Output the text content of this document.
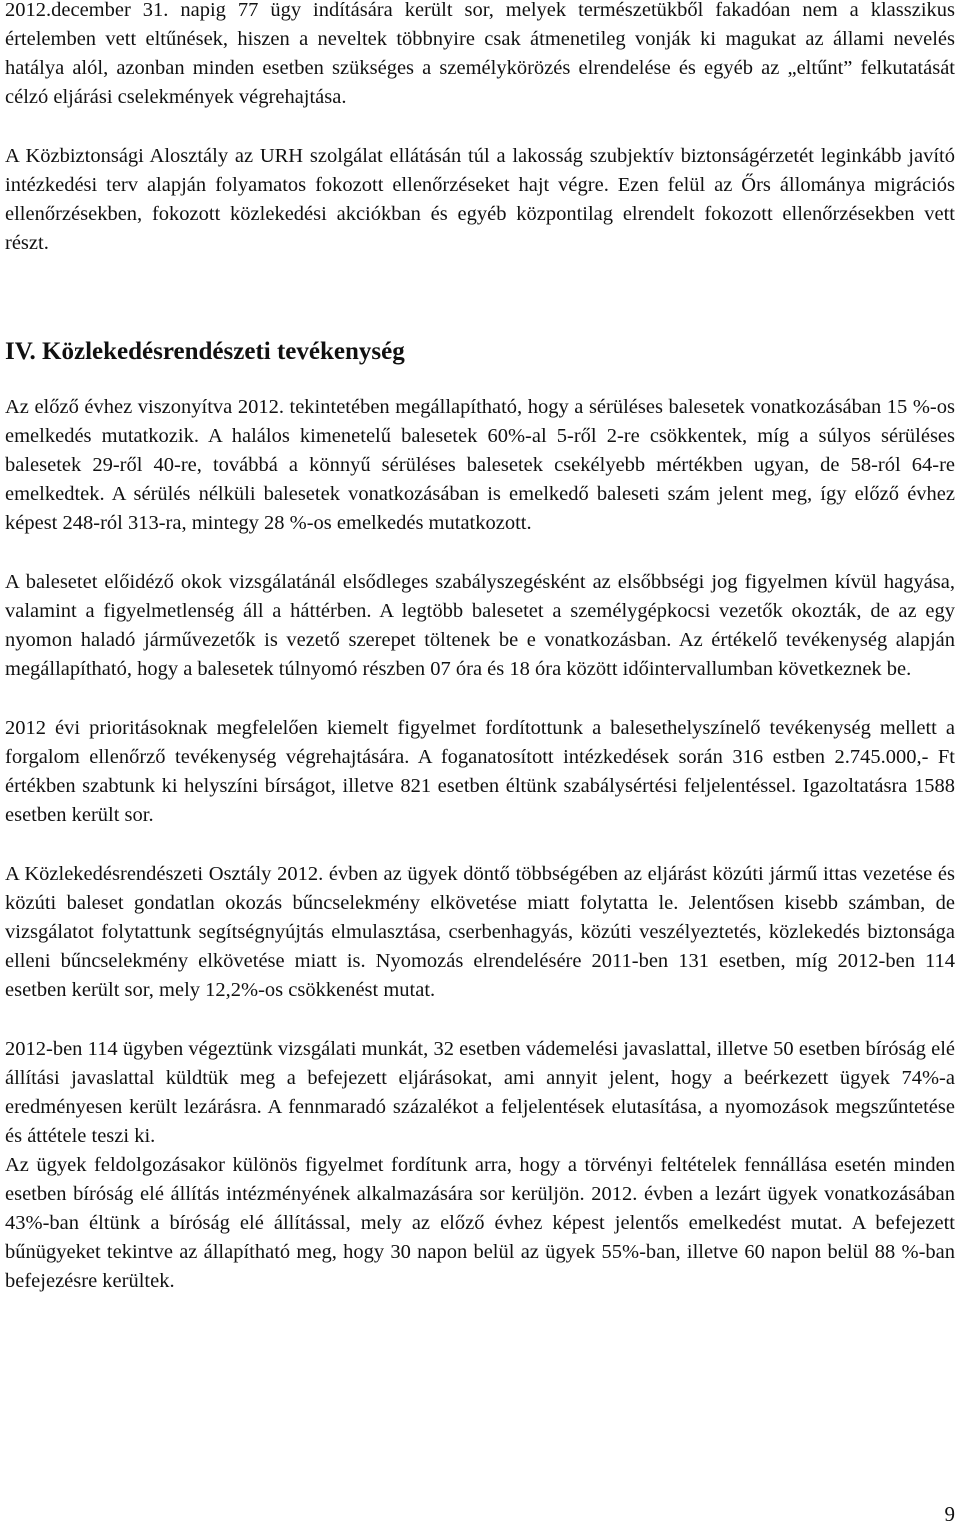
2012.december 31. napig 77 ügy indítására került sor, melyek természetükből fakadóan nem a klasszikus értelemben vett eltűnések, hiszen a neveltek többnyire csak átmenetileg vonják ki magukat az állami nevelés hatálya alól, azonban minden esetben szükséges a személykörözés elrendelése és egyéb az „eltűnt” felkutatását célzó eljárási cselekmények végrehajtása.

A Közbiztonsági Alosztály az URH szolgálat ellátásán túl a lakosság szubjektív biztonságérzetét leginkább javító intézkedési terv alapján folyamatos fokozott ellenőrzéseket hajt végre. Ezen felül az Őrs állománya migrációs ellenőrzésekben, fokozott közlekedési akciókban és egyéb központilag elrendelt fokozott ellenőrzésekben vett részt.

IV. Közlekedésrendészeti tevékenység

Az előző évhez viszonyítva 2012. tekintetében megállapítható, hogy a sérüléses balesetek vonatkozásában 15 %-os emelkedés mutatkozik. A halálos kimenetelű balesetek 60%-al 5-ről 2-re csökkentek, míg a súlyos sérüléses balesetek 29-ről 40-re, továbbá a könnyű sérüléses balesetek csekélyebb mértékben ugyan, de 58-ról 64-re emelkedtek. A sérülés nélküli balesetek vonatkozásában is emelkedő baleseti szám jelent meg, így előző évhez képest 248-ról 313-ra, mintegy 28 %-os emelkedés mutatkozott.

A balesetet előidéző okok vizsgálatánál elsődleges szabályszegésként az elsőbbségi jog figyelmen kívül hagyása, valamint a figyelmetlenség áll a háttérben. A legtöbb balesetet a személygépkocsi vezetők okozták, de az egy nyomon haladó járművezetők is vezető szerepet töltenek be e vonatkozásban. Az értékelő tevékenység alapján megállapítható, hogy a balesetek túlnyomó részben 07 óra és 18 óra között időintervallumban következnek be.

2012 évi prioritásoknak megfelelően kiemelt figyelmet fordítottunk a balesethelyszínelő tevékenység mellett a forgalom ellenőrző tevékenység végrehajtására. A foganatosított intézkedések során 316 estben 2.745.000,- Ft értékben szabtunk ki helyszíni bírságot, illetve 821 esetben éltünk szabálysértési feljelentéssel. Igazoltatásra 1588 esetben került sor.

A Közlekedésrendészeti Osztály 2012. évben az ügyek döntő többségében az eljárást közúti jármű ittas vezetése és közúti baleset gondatlan okozás bűncselekmény elkövetése miatt folytatta le. Jelentősen kisebb számban, de vizsgálatot folytattunk segítségnyújtás elmulasztása, cserbenhagyás, közúti veszélyeztetés, közlekedés biztonsága elleni bűncselekmény elkövetése miatt is. Nyomozás elrendelésére 2011-ben 131 esetben, míg 2012-ben 114 esetben került sor, mely 12,2%-os csökkenést mutat.

2012-ben 114 ügyben végeztünk vizsgálati munkát, 32 esetben vádemelési javaslattal, illetve 50 esetben bíróság elé állítási javaslattal küldtük meg a befejezett eljárásokat, ami annyit jelent, hogy a beérkezett ügyek 74%-a eredményesen került lezárásra. A fennmaradó százalékot a feljelentések elutasítása, a nyomozások megszűntetése és áttétele teszi ki.

Az ügyek feldolgozásakor különös figyelmet fordítunk arra, hogy a törvényi feltételek fennállása esetén minden esetben bíróság elé állítás intézményének alkalmazására sor kerüljön. 2012. évben a lezárt ügyek vonatkozásában 43%-ban éltünk a bíróság elé állítással, mely az előző évhez képest jelentős emelkedést mutat. A befejezett bűnügyeket tekintve az állapítható meg, hogy 30 napon belül az ügyek 55%-ban, illetve 60 napon belül 88 %-ban befejezésre kerültek.

9
